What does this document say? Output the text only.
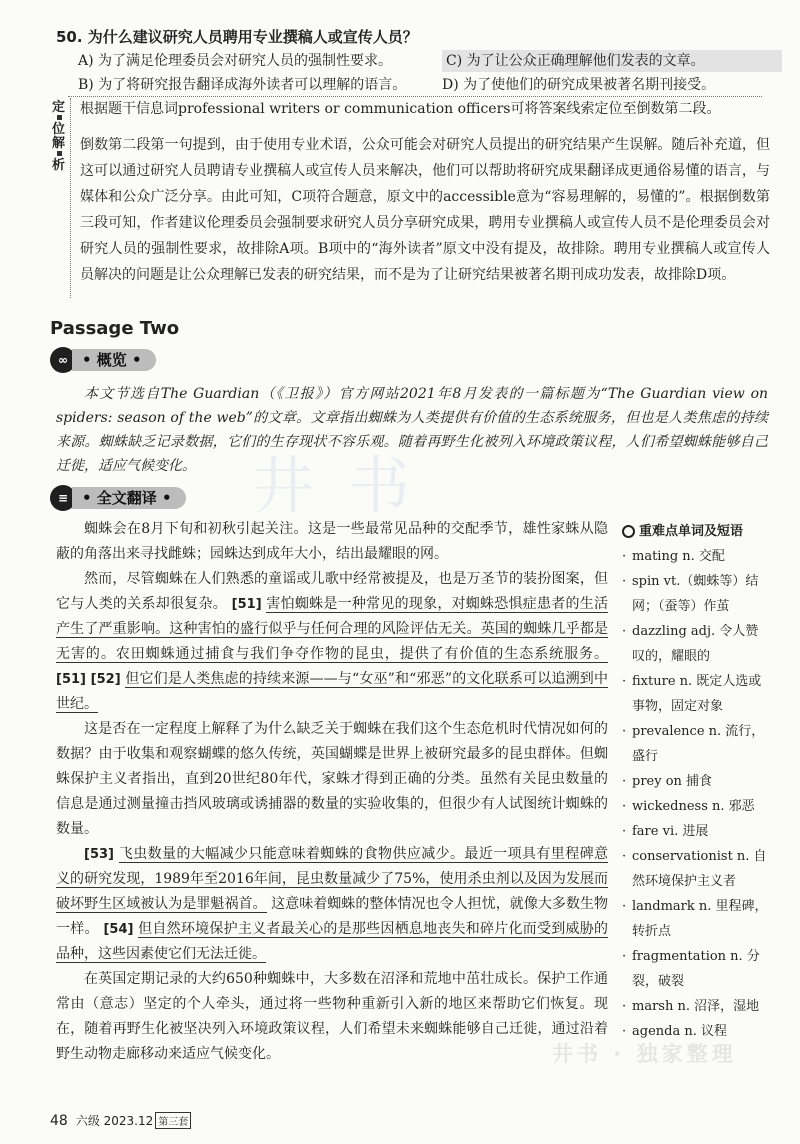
50. 为什么建议研究人员聘用专业撰稿人或宣传人员？
A) 为了满足伦理委员会对研究人员的强制性要求。	C) 为了让公众正确理解他们发表的文章。
B) 为了将研究报告翻译成海外读者可以理解的语言。	D) 为了使他们的研究成果被著名期刊接受。
定

位
根据题干信息词professional writers or communication officers可将答案线索定位至倒数第二段。
解

析
倒数第二段第一句提到，由于使用专业术语，公众可能会对研究人员提出的研究结果产生误解。随后补充道，但这可以通过研究人员聘请专业撰稿人或宣传人员来解决，他们可以帮助将研究成果翻译成更通俗易懂的语言，与媒体和公众广泛分享。由此可知，C项符合题意，原文中的accessible意为“容易理解的，易懂的”。根据倒数第三段可知，作者建议伦理委员会强制要求研究人员分享研究成果，聘用专业撰稿人或宣传人员不是伦理委员会对研究人员的强制性要求，故排除A项。B项中的“海外读者”原文中没有提及，故排除。聘用专业撰稿人或宣传人员解决的问题是让公众理解已发表的研究结果，而不是为了让研究结果被著名期刊成功发表，故排除D项。
Passage Two
∞ • 概览 •
本文节选自The Guardian（《卫报》）官方网站2021年8月发表的一篇标题为“The Guardian view on spiders: season of the web”的文章。文章指出蜘蛛为人类提供有价值的生态系统服务，但也是人类焦虑的持续来源。蜘蛛缺乏记录数据，它们的生存现状不容乐观。随着再野生化被列入环境政策议程，人们希望蜘蛛能够自己迁徙，适应气候变化。 井书
≡ • 全文翻译 •

蜘蛛会在8月下旬和初秋引起关注。这是一些最常见品种的交配季节，雄性家蛛从隐蔽的角落出来寻找雌蛛；园蛛达到成年大小，结出最耀眼的网。

然而，尽管蜘蛛在人们熟悉的童谣或儿歌中经常被提及，也是万圣节的装扮图案，但它与人类的关系却很复杂。 [51] 害怕蜘蛛是一种常见的现象，对蜘蛛恐惧症患者的生活产生了严重影响。这种害怕的盛行似乎与任何合理的风险评估无关。英国的蜘蛛几乎都是无害的。农田蜘蛛通过捕食与我们争夺作物的昆虫，提供了有价值的生态系统服务。 [51] [52] 但它们是人类焦虑的持续来源——与“女巫”和“邪恶”的文化联系可以追溯到中世纪。

这是否在一定程度上解释了为什么缺乏关于蜘蛛在我们这个生态危机时代情况如何的数据？由于收集和观察蝴蝶的悠久传统，英国蝴蝶是世界上被研究最多的昆虫群体。但蜘蛛保护主义者指出，直到20世纪80年代，家蛛才得到正确的分类。虽然有关昆虫数量的信息是通过测量撞击挡风玻璃或诱捕器的数量的实验收集的，但很少有人试图统计蜘蛛的数量。

[53] 飞虫数量的大幅减少只能意味着蜘蛛的食物供应减少。最近一项具有里程碑意义的研究发现，1989年至2016年间，昆虫数量减少了75%，使用杀虫剂以及因为发展而破坏野生区域被认为是罪魁祸首。 这意味着蜘蛛的整体情况也令人担忧，就像大多数生物一样。 [54] 但自然环境保护主义者最关心的是那些因栖息地丧失和碎片化而受到威胁的品种，这些因素使它们无法迁徙。

在英国定期记录的大约650种蜘蛛中，大多数在沼泽和荒地中茁壮成长。保护工作通常由（意志）坚定的个人牵头，通过将一些物种重新引入新的地区来帮助它们恢复。现在，随着再野生化被坚决列入环境政策议程，人们希望未来蜘蛛能够自己迁徙，通过沿着野生动物走廊移动来适应气候变化。

重难点单词及短语
· mating n. 交配
· spin vt.（蜘蛛等）结网；（蚕等）作茧
· dazzling adj. 令人赞叹的，耀眼的
· fixture n. 既定人选或事物，固定对象
· prevalence n. 流行，盛行
· prey on 捕食
· wickedness n. 邪恶
· fare vi. 进展
· conservationist n. 自然环境保护主义者
· landmark n. 里程碑，转折点
· fragmentation n. 分裂，破裂
· marsh n. 沼泽，湿地
· agenda n. 议程
井书 · 独家整理
48 六级 2023.12 第三套
